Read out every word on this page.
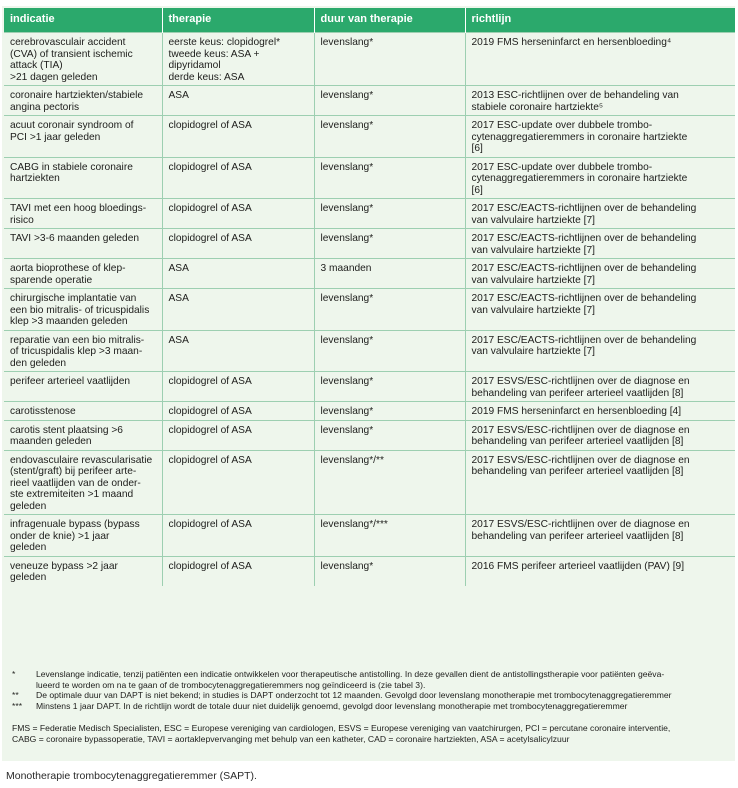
indicatie	therapie	duur van therapie	richtlijn
cerebrovasculair accident
(CVA) of transient ischemic
attack (TIA)
>21 dagen geleden	eerste keus: clopidogrel*
tweede keus: ASA +
dipyridamol
derde keus: ASA	levenslang*	2019 FMS herseninfarct en hersenbloeding⁴
coronaire hartziekten/stabiele
angina pectoris	ASA	levenslang*	2013 ESC-richtlijnen over de behandeling van
stabiele coronaire hartziekte⁵
acuut coronair syndroom of
PCI >1 jaar geleden	clopidogrel of ASA	levenslang*	2017 ESC-update over dubbele trombo-
cytenaggregatieremmers in coronaire hartziekte
[6]
CABG in stabiele coronaire
hartziekten	clopidogrel of ASA	levenslang*	2017 ESC-update over dubbele trombo-
cytenaggregatieremmers in coronaire hartziekte
[6]
TAVI met een hoog bloedings-
risico	clopidogrel of ASA	levenslang*	2017 ESC/EACTS-richtlijnen over de behandeling
van valvulaire hartziekte [7]
TAVI >3-6 maanden geleden	clopidogrel of ASA	levenslang*	2017 ESC/EACTS-richtlijnen over de behandeling
van valvulaire hartziekte [7]
aorta bioprothese of klep-
sparende operatie	ASA	3 maanden	2017 ESC/EACTS-richtlijnen over de behandeling
van valvulaire hartziekte [7]
chirurgische implantatie van
een bio mitralis- of tricuspidalis
klep >3 maanden geleden	ASA	levenslang*	2017 ESC/EACTS-richtlijnen over de behandeling
van valvulaire hartziekte [7]
reparatie van een bio mitralis-
of tricuspidalis klep >3 maan-
den geleden	ASA	levenslang*	2017 ESC/EACTS-richtlijnen over de behandeling
van valvulaire hartziekte [7]
perifeer arterieel vaatlijden	clopidogrel of ASA	levenslang*	2017 ESVS/ESC-richtlijnen over de diagnose en
behandeling van perifeer arterieel vaatlijden [8]
carotisstenose	clopidogrel of ASA	levenslang*	2019 FMS herseninfarct en hersenbloeding [4]
carotis stent plaatsing >6
maanden geleden	clopidogrel of ASA	levenslang*	2017 ESVS/ESC-richtlijnen over de diagnose en
behandeling van perifeer arterieel vaatlijden [8]
endovasculaire revascularisatie
(stent/graft) bij perifeer arte-
rieel vaatlijden van de onder-
ste extremiteiten >1 maand
geleden	clopidogrel of ASA	levenslang*/**	2017 ESVS/ESC-richtlijnen over de diagnose en
behandeling van perifeer arterieel vaatlijden [8]
infragenuale bypass (bypass
onder de knie) >1 jaar
geleden	clopidogrel of ASA	levenslang*/***	2017 ESVS/ESC-richtlijnen over de diagnose en
behandeling van perifeer arterieel vaatlijden [8]
veneuze bypass >2 jaar
geleden	clopidogrel of ASA	levenslang*	2016 FMS perifeer arterieel vaatlijden (PAV) [9]
*	Levenslange indicatie, tenzij patiënten een indicatie ontwikkelen voor therapeutische antistolling. In deze gevallen dient de antistollingstherapie voor patiënten geëva-
lueerd te worden om na te gaan of de trombocytenaggregatieremmers nog geïndiceerd is (zie tabel 3).
**	De optimale duur van DAPT is niet bekend; in studies is DAPT onderzocht tot 12 maanden. Gevolgd door levenslang monotherapie met trombocytenaggregatieremmer
***	Minstens 1 jaar DAPT. In de richtlijn wordt de totale duur niet duidelijk genoemd, gevolgd door levenslang monotherapie met trombocytenaggregatieremmer
FMS = Federatie Medisch Specialisten, ESC = Europese vereniging van cardiologen, ESVS = Europese vereniging van vaatchirurgen, PCI = percutane coronaire interventie,
CABG = coronaire bypassoperatie, TAVI = aortaklepvervanging met behulp van een katheter, CAD = coronaire hartziekten, ASA = acetylsalicylzuur
Monotherapie trombocytenaggregatieremmer (SAPT).
